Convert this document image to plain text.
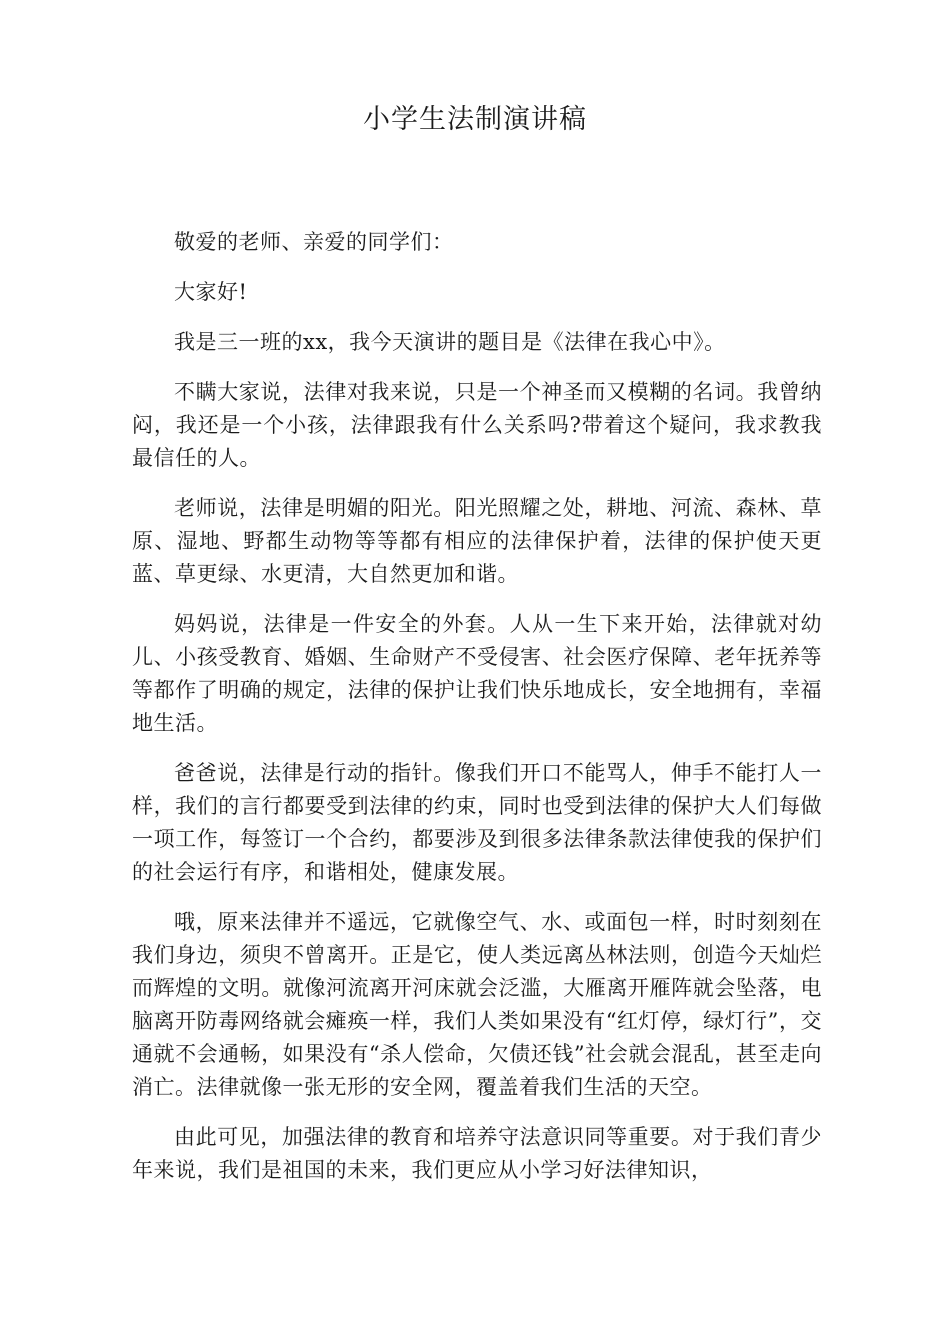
小学生法制演讲稿

敬爱的老师、亲爱的同学们：

大家好!

我是三一班的xx，我今天演讲的题目是《法律在我心中》。

不瞒大家说，法律对我来说，只是一个神圣而又模糊的名词。我曾纳闷，我还是一个小孩，法律跟我有什么关系吗?带着这个疑问，我求教我最信任的人。

老师说，法律是明媚的阳光。阳光照耀之处，耕地、河流、森林、草原、湿地、野都生动物等等都有相应的法律保护着，法律的保护使天更蓝、草更绿、水更清，大自然更加和谐。

妈妈说，法律是一件安全的外套。人从一生下来开始，法律就对幼儿、小孩受教育、婚姻、生命财产不受侵害、社会医疗保障、老年抚养等等都作了明确的规定，法律的保护让我们快乐地成长，安全地拥有，幸福地生活。

爸爸说，法律是行动的指针。像我们开口不能骂人，伸手不能打人一样，我们的言行都要受到法律的约束，同时也受到法律的保护大人们每做一项工作，每签订一个合约，都要涉及到很多法律条款法律使我的保护们的社会运行有序，和谐相处，健康发展。

哦，原来法律并不遥远，它就像空气、水、或面包一样，时时刻刻在我们身边，须臾不曾离开。正是它，使人类远离丛林法则，创造今天灿烂而辉煌的文明。就像河流离开河床就会泛滥，大雁离开雁阵就会坠落，电脑离开防毒网络就会瘫痪一样，我们人类如果没有“红灯停，绿灯行”，交通就不会通畅，如果没有“杀人偿命，欠债还钱”社会就会混乱，甚至走向消亡。法律就像一张无形的安全网，覆盖着我们生活的天空。

由此可见，加强法律的教育和培养守法意识同等重要。对于我们青少年来说，我们是祖国的未来，我们更应从小学习好法律知识，
